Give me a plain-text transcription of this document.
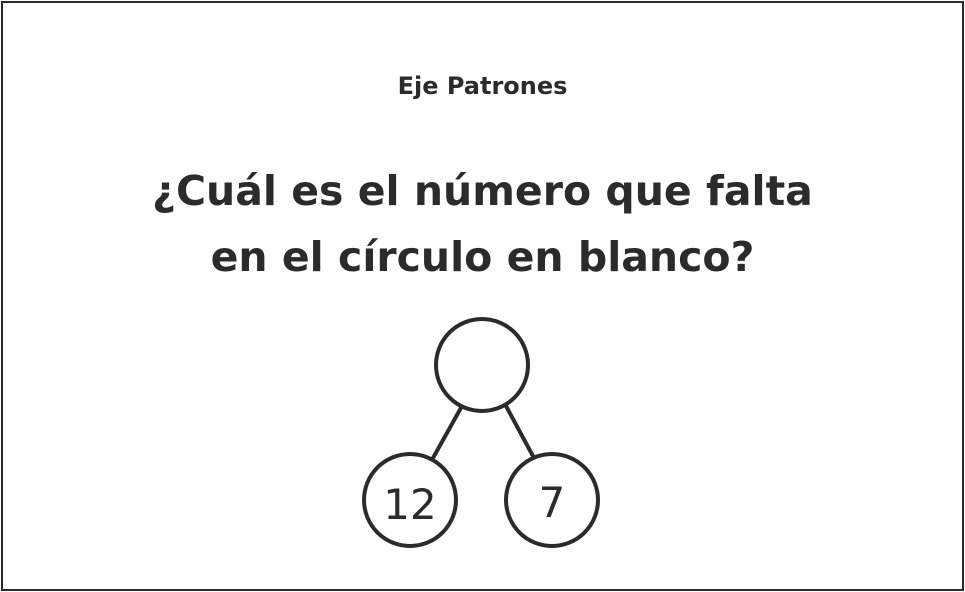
Eje Patrones
¿Cuál es el número que falta
en el círculo en blanco?
12 7
